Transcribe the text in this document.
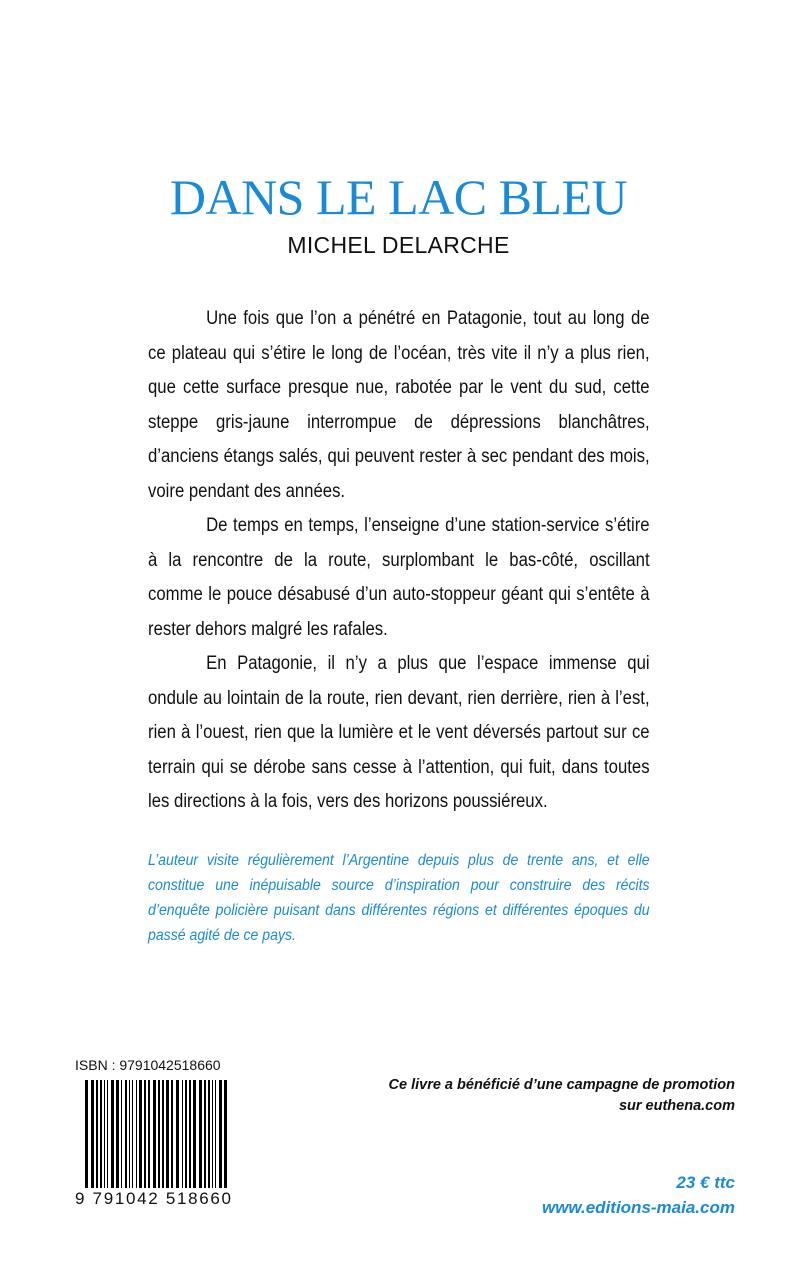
DANS LE LAC BLEU
MICHEL DELARCHE

Une fois que l’on a pénétré en Patagonie, tout au long de ce plateau qui s’étire le long de l’océan, très vite il n’y a plus rien, que cette surface presque nue, rabotée par le vent du sud, cette steppe gris-jaune interrompue de dépressions blanchâtres, d’anciens étangs salés, qui peuvent rester à sec pendant des mois, voire pendant des années.

De temps en temps, l’enseigne d’une station-service s’étire à la rencontre de la route, surplombant le bas-côté, oscillant comme le pouce désabusé d’un auto-stoppeur géant qui s’entête à rester dehors malgré les rafales.

En Patagonie, il n’y a plus que l’espace immense qui ondule au lointain de la route, rien devant, rien derrière, rien à l’est, rien à l’ouest, rien que la lumière et le vent déversés partout sur ce terrain qui se dérobe sans cesse à l’attention, qui fuit, dans toutes les directions à la fois, vers des horizons poussiéreux.

L’auteur visite régulièrement l’Argentine depuis plus de trente ans, et elle constitue une inépuisable source d’inspiration pour construire des récits d’enquête policière puisant dans différentes régions et différentes époques du passé agité de ce pays.
ISBN : 9791042518660
9 791042 518660
Ce livre a bénéficié d’une campagne de promotion
sur euthena.com
23 € ttc
www.editions-maia.com
